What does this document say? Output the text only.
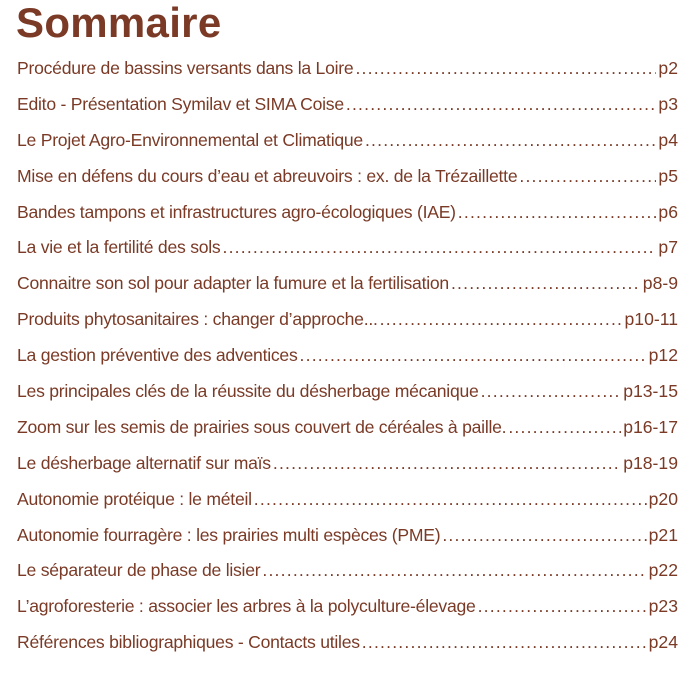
Sommaire
Procédure de bassins versants dans la Loire .....	p2
Edito - Présentation Symilav et SIMA Coise .....	p3
Le Projet Agro-Environnemental et Climatique .....	p4
Mise en défens du cours d’eau et abreuvoirs : ex. de la Trézaillette .....	p5
Bandes tampons et infrastructures agro-écologiques (IAE) .....	p6
La vie et la fertilité des sols .....	p7
Connaitre son sol pour adapter la fumure et la fertilisation .....	p8-9
Produits phytosanitaires : changer d’approche... .....	p10-11
La gestion préventive des adventices .....	p12
Les principales clés de la réussite du désherbage mécanique .....	p13-15
Zoom sur les semis de prairies sous couvert de céréales à paille. .....	p16-17
Le désherbage alternatif sur maïs .....	p18-19
Autonomie protéique : le méteil .....	p20
Autonomie fourragère : les prairies multi espèces (PME) .....	p21
Le séparateur de phase de lisier .....	p22
L’agroforesterie : associer les arbres à la polyculture-élevage .....	p23
Références bibliographiques - Contacts utiles .....	p24
